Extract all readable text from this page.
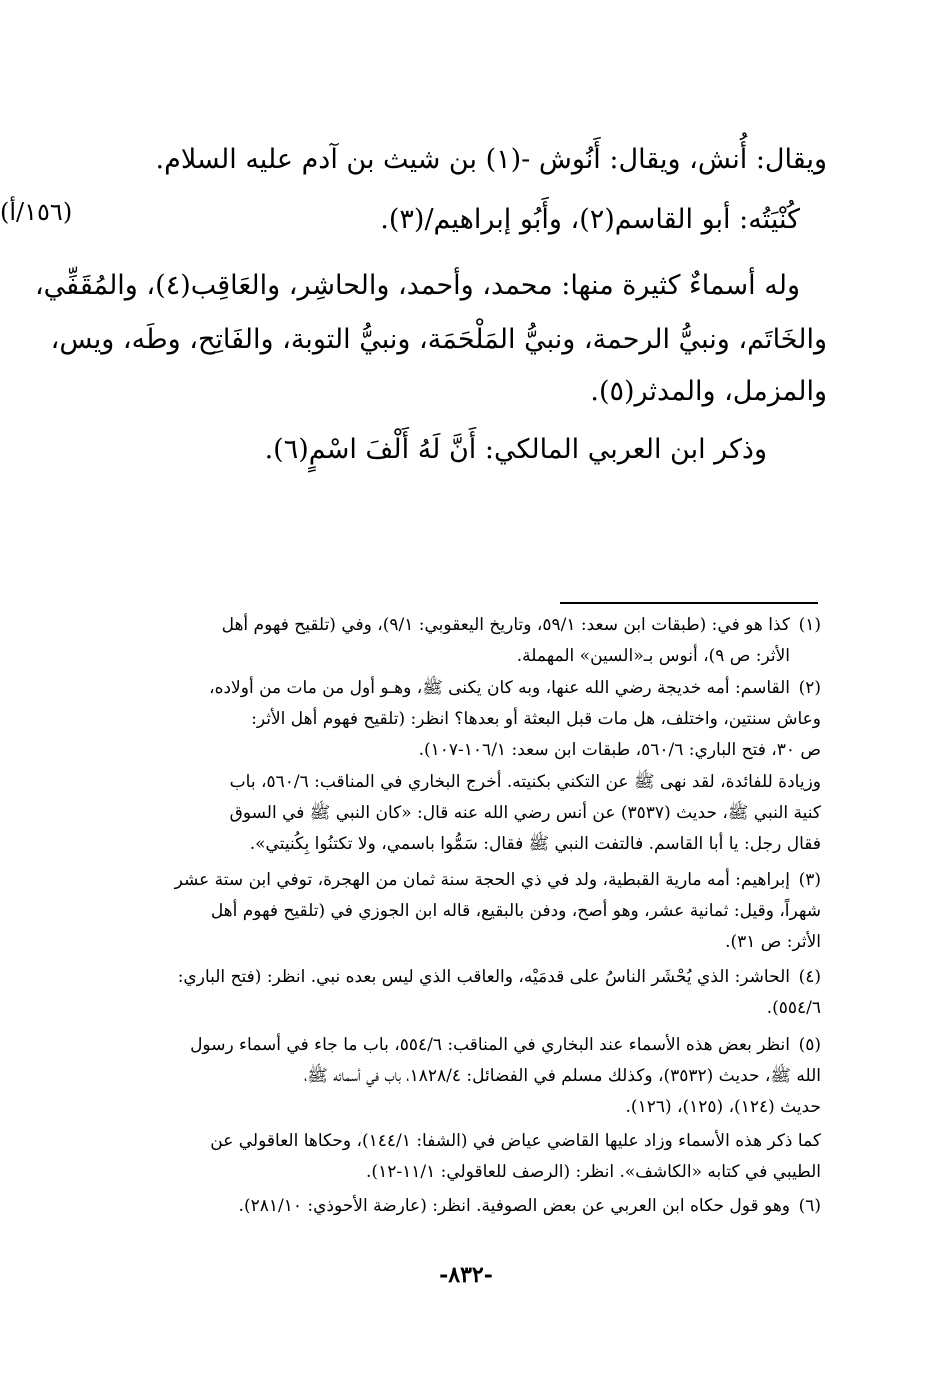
(١٥٦/أ)
ويقال: أُنش، ويقال: أَنُوش -(١) بن شيث بن آدم عليه السلام.
كُنْيَتُه: أبو القاسم(٢)، وأَبُو إبراهيم/(٣).
وله أسماءٌ كثيرة منها: محمد، وأحمد، والحاشِر، والعَاقِب(٤)، والمُقَفِّي،
والخَاتَم، ونبيُّ الرحمة، ونبيُّ المَلْحَمَة، ونبيُّ التوبة، والفَاتِح، وطَه، ويس،
والمزمل، والمدثر(٥).
وذكر ابن العربي المالكي: أَنَّ لَهُ أَلْفَ اسْمٍ(٦).
(١)
كذا هو في: (طبقات ابن سعد: ٥٩/١، وتاريخ اليعقوبي: ٩/١)، وفي (تلقيح فهوم أهل
الأثر: ص ٩)، أنوس بـ«السين» المهملة.
(٢)
القاسم: أمه خديجة رضي الله عنها، وبه كان يكنى ﷺ، وهـو أول من مات من أولاده،
وعاش سنتين، واختلف، هل مات قبل البعثة أو بعدها؟ انظر: (تلقيح فهوم أهل الأثر:
ص ٣٠، فتح الباري: ٥٦٠/٦، طبقات ابن سعد: ١٠٦/١-١٠٧).
وزيادة للفائدة، لقد نهى ﷺ عن التكني بكنيته. أخرج البخاري في المناقب: ٥٦٠/٦، باب
كنية النبي ﷺ، حديث (٣٥٣٧) عن أنس رضي الله عنه قال: «كان النبي ﷺ في السوق
فقال رجل: يا أبا القاسم. فالتفت النبي ﷺ فقال: سَمُّوا باسمي، ولا تكتنُوا بِكُنيتي».
(٣)
إبراهيم: أمه مارية القبطية، ولد في ذي الحجة سنة ثمان من الهجرة، توفي ابن ستة عشر
شهراً، وقيل: ثمانية عشر، وهو أصح، ودفن بالبقيع، قاله ابن الجوزي في (تلقيح فهوم أهل
الأثر: ص ٣١).
(٤)
الحاشر: الذي يُحْشَر الناسُ على قدمَيْه، والعاقب الذي ليس بعده نبي. انظر: (فتح الباري:
٥٥٤/٦).
(٥)
انظر بعض هذه الأسماء عند البخاري في المناقب: ٥٥٤/٦، باب ما جاء في أسماء رسول
الله ﷺ، حديث (٣٥٣٢)، وكذلك مسلم في الفضائل: ١٨٢٨/٤، باب في أسمائه ﷺ،
حديث (١٢٤)، (١٢٥)، (١٢٦).
كما ذكر هذه الأسماء وزاد عليها القاضي عياض في (الشفا: ١٤٤/١)، وحكاها العاقولي عن
الطيبي في كتابه «الكاشف». انظر: (الرصف للعاقولي: ١١/١-١٢).
(٦)
وهو قول حكاه ابن العربي عن بعض الصوفية. انظر: (عارضة الأحوذي: ٢٨١/١٠).
-٨٣٢-
